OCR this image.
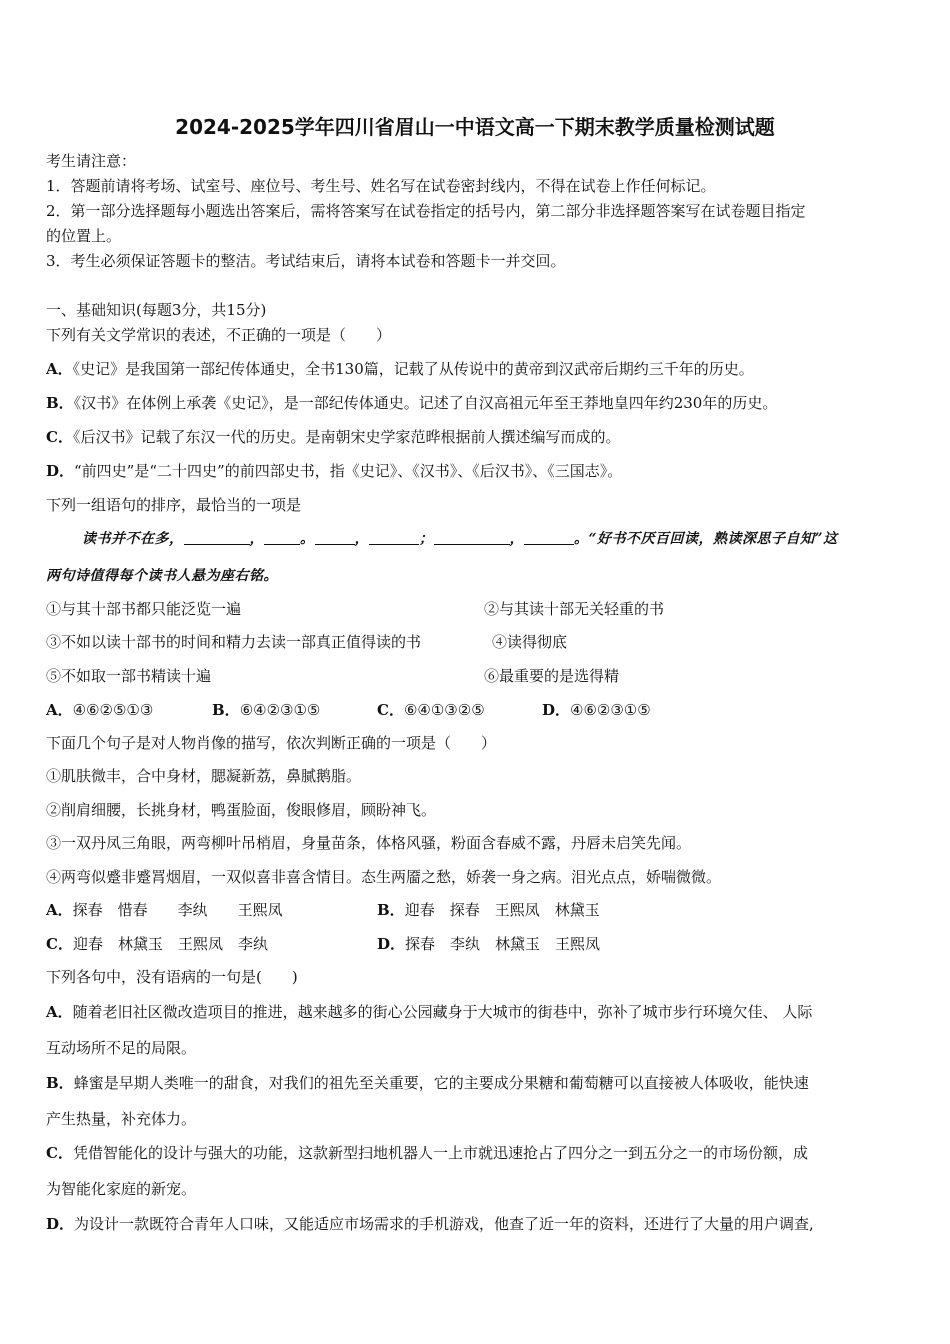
2024-2025学年四川省眉山一中语文高一下期末教学质量检测试题
考生请注意：
1．答题前请将考场、试室号、座位号、考生号、姓名写在试卷密封线内，不得在试卷上作任何标记。
2．第一部分选择题每小题选出答案后，需将答案写在试卷指定的括号内，第二部分非选择题答案写在试卷题目指定
的位置上。
3．考生必须保证答题卡的整洁。考试结束后，请将本试卷和答题卡一并交回。
一、基础知识(每题3分，共15分)
下列有关文学常识的表述，不正确的一项是（　　）
A．《史记》是我国第一部纪传体通史，全书130篇，记载了从传说中的黄帝到汉武帝后期约三千年的历史。
B．《汉书》在体例上承袭《史记》，是一部纪传体通史。记述了自汉高祖元年至王莽地皇四年约230年的历史。
C．《后汉书》记载了东汉一代的历史。是南朝宋史学家范晔根据前人撰述编写而成的。
D．“前四史”是“二十四史”的前四部史书，指《史记》、《汉书》、《后汉书》、《三国志》。
下列一组语句的排序，最恰当的一项是
读书并不在多，	，	。	，	；	，	。“好书不厌百回读，熟读深思子自知”这
两句诗值得每个读书人悬为座右铭。
①与其十部书都只能泛览一遍	②与其读十部无关轻重的书
③不如以读十部书的时间和精力去读一部真正值得读的书	④读得彻底
⑤不如取一部书精读十遍	⑥最重要的是选得精
A．④⑥②⑤①③	B．⑥④②③①⑤	C．⑥④①③②⑤	D．④⑥②③①⑤
下面几个句子是对人物肖像的描写，依次判断正确的一项是（　　）
①肌肤微丰，合中身材，腮凝新荔，鼻腻鹅脂。
②削肩细腰，长挑身材，鸭蛋脸面，俊眼修眉，顾盼神飞。
③一双丹凤三角眼，两弯柳叶吊梢眉，身量苗条，体格风骚，粉面含春威不露，丹唇未启笑先闻。
④两弯似蹙非蹙罥烟眉，一双似喜非喜含情目。态生两靥之愁，娇袭一身之病。泪光点点，娇喘微微。
A．探春　惜春　　李纨　　王熙凤	B．迎春　探春　王熙凤　林黛玉
C．迎春　林黛玉　王熙凤　李纨	D．探春　李纨　林黛玉　王熙凤
下列各句中，没有语病的一句是(　　)
A．随着老旧社区微改造项目的推进，越来越多的街心公园藏身于大城市的街巷中，弥补了城市步行环境欠佳、 人际
互动场所不足的局限。
B．蜂蜜是早期人类唯一的甜食，对我们的祖先至关重要，它的主要成分果糖和葡萄糖可以直接被人体吸收，能快速
产生热量，补充体力。
C．凭借智能化的设计与强大的功能，这款新型扫地机器人一上市就迅速抢占了四分之一到五分之一的市场份额，成
为智能化家庭的新宠。
D．为设计一款既符合青年人口味，又能适应市场需求的手机游戏，他查了近一年的资料，还进行了大量的用户调查,
